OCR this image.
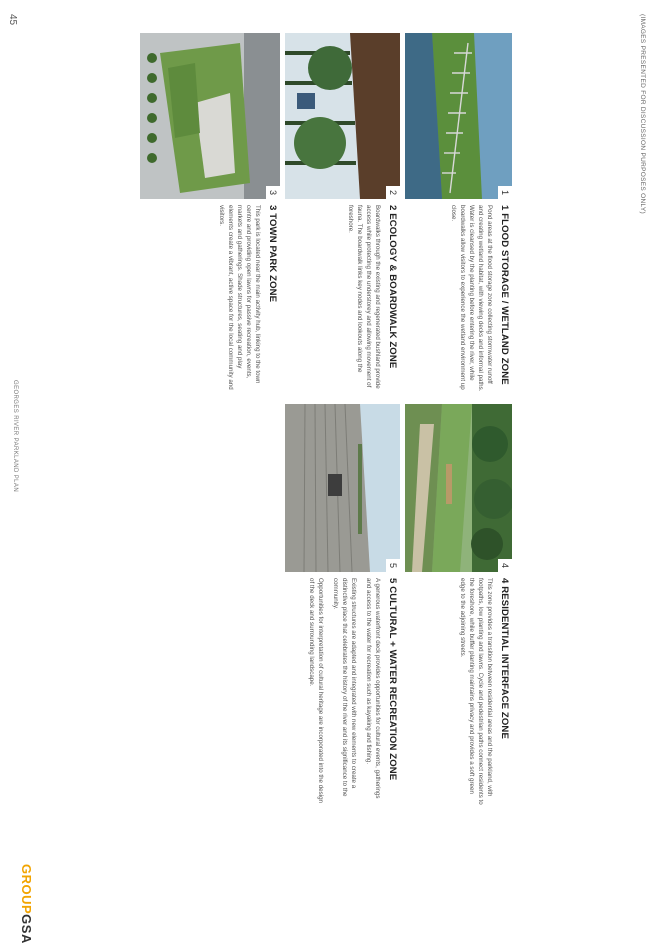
(IMAGES PRESENTED FOR DISCUSSION PURPOSES ONLY)
4
5
1
2
3
4 RESIDENTIAL INTERFACE ZONE
5 CULTURAL + WATER RECREATION ZONE
1 FLOOD STORAGE / WETLAND ZONE
2 ECOLOGY & BOARDWALK ZONE
3 TOWN PARK ZONE
GROUPGSA
GEORGES RIVER PARKLAND PLAN
45

Pond areas at the flood storage zone collecting stormwater runoff and creating wetland habitat, with viewing decks and informal paths. Water is cleansed by the planting before entering the river, while boardwalks allow visitors to experience the wetland environment up close.

Boardwalks through the existing and regenerated bushland provide access while protecting the understorey and allowing movement of fauna. The boardwalk links key nodes and lookouts along the foreshore.

This park is located near the main activity hub, linking to the town centre and providing open lawns for passive recreation, events, markets and gatherings. Shade structures, seating and play elements create a vibrant, active space for the local community and visitors.

This zone provides a transition between residential areas and the parkland, with footpaths, low planting and lawns. Cycle and pedestrian paths connect residents to the foreshore, while buffer planting maintains privacy and provides a soft green edge to the adjoining streets.

A generous waterfront deck provides opportunities for cultural events, gatherings and access to the water for recreation such as kayaking and fishing.

Existing structures are adapted and integrated with new elements to create a distinctive place that celebrates the history of the river and its significance to the community.

Opportunities for interpretation of cultural heritage are incorporated into the design of the deck and surrounding landscape.
